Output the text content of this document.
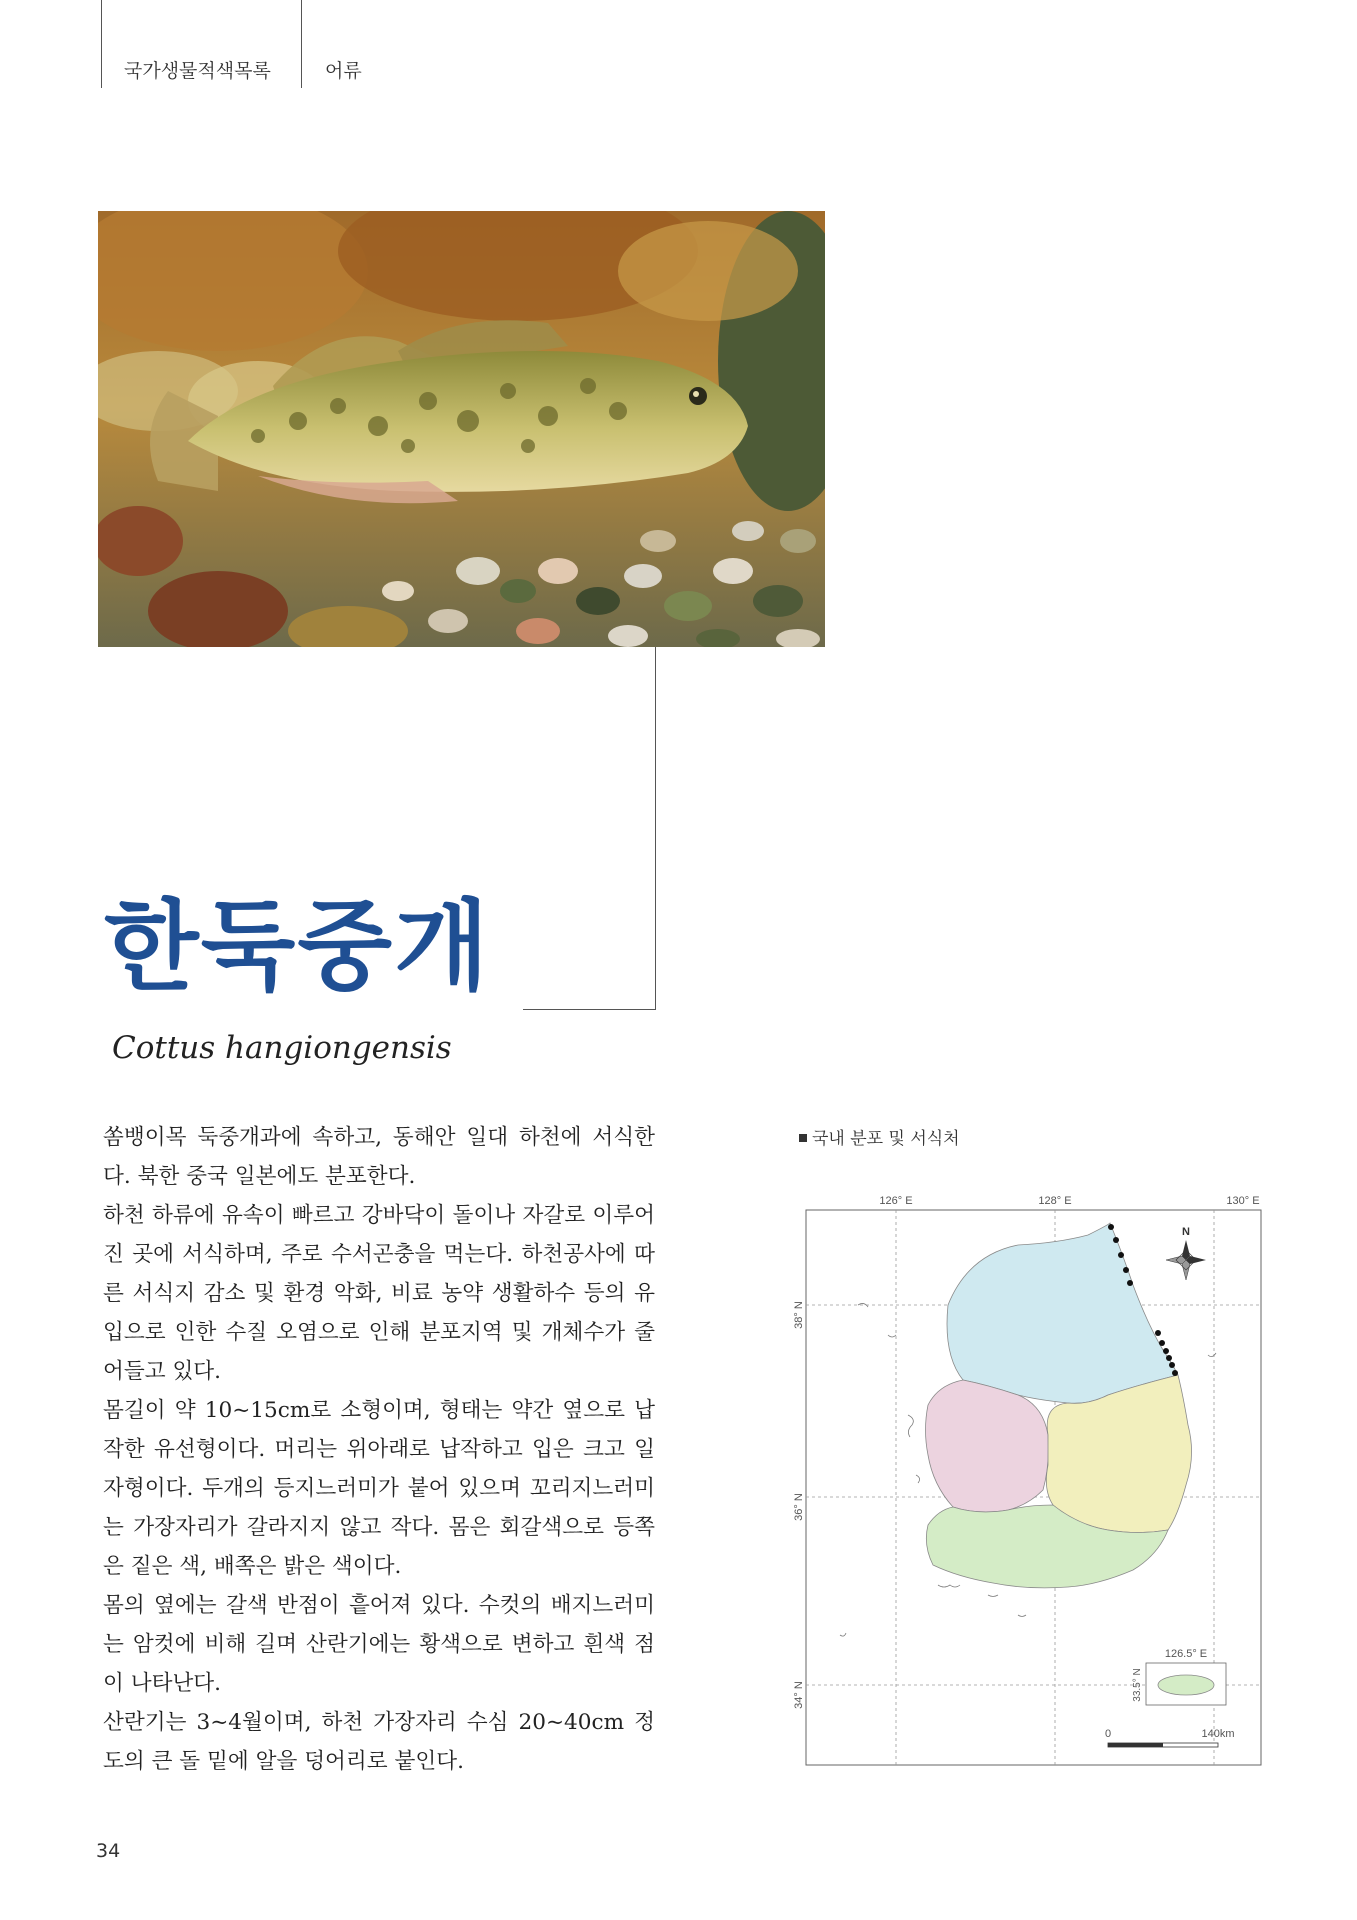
국가생물적색목록	어류
한둑중개
Cottus hangiongensis

쏨뱅이목 둑중개과에 속하고, 동해안 일대 하천에 서식한다. 북한 중국 일본에도 분포한다.

하천 하류에 유속이 빠르고 강바닥이 돌이나 자갈로 이루어진 곳에 서식하며, 주로 수서곤충을 먹는다. 하천공사에 따른 서식지 감소 및 환경 악화, 비료 농약 생활하수 등의 유입으로 인한 수질 오염으로 인해 분포지역 및 개체수가 줄어들고 있다.

몸길이 약 10~15cm로 소형이며, 형태는 약간 옆으로 납작한 유선형이다. 머리는 위아래로 납작하고 입은 크고 일자형이다. 두개의 등지느러미가 붙어 있으며 꼬리지느러미는 가장자리가 갈라지지 않고 작다. 몸은 회갈색으로 등쪽은 짙은 색, 배쪽은 밝은 색이다.

몸의 옆에는 갈색 반점이 흩어져 있다. 수컷의 배지느러미는 암컷에 비해 길며 산란기에는 황색으로 변하고 흰색 점이 나타난다.

산란기는 3~4월이며, 하천 가장자리 수심 20~40cm 정도의 큰 돌 밑에 알을 덩어리로 붙인다.

국내 분포 및 서식처
126° E	128° E	130° E
38° N
36° N
34° N
N
126.5° E
33.5° N
0	140km
34
